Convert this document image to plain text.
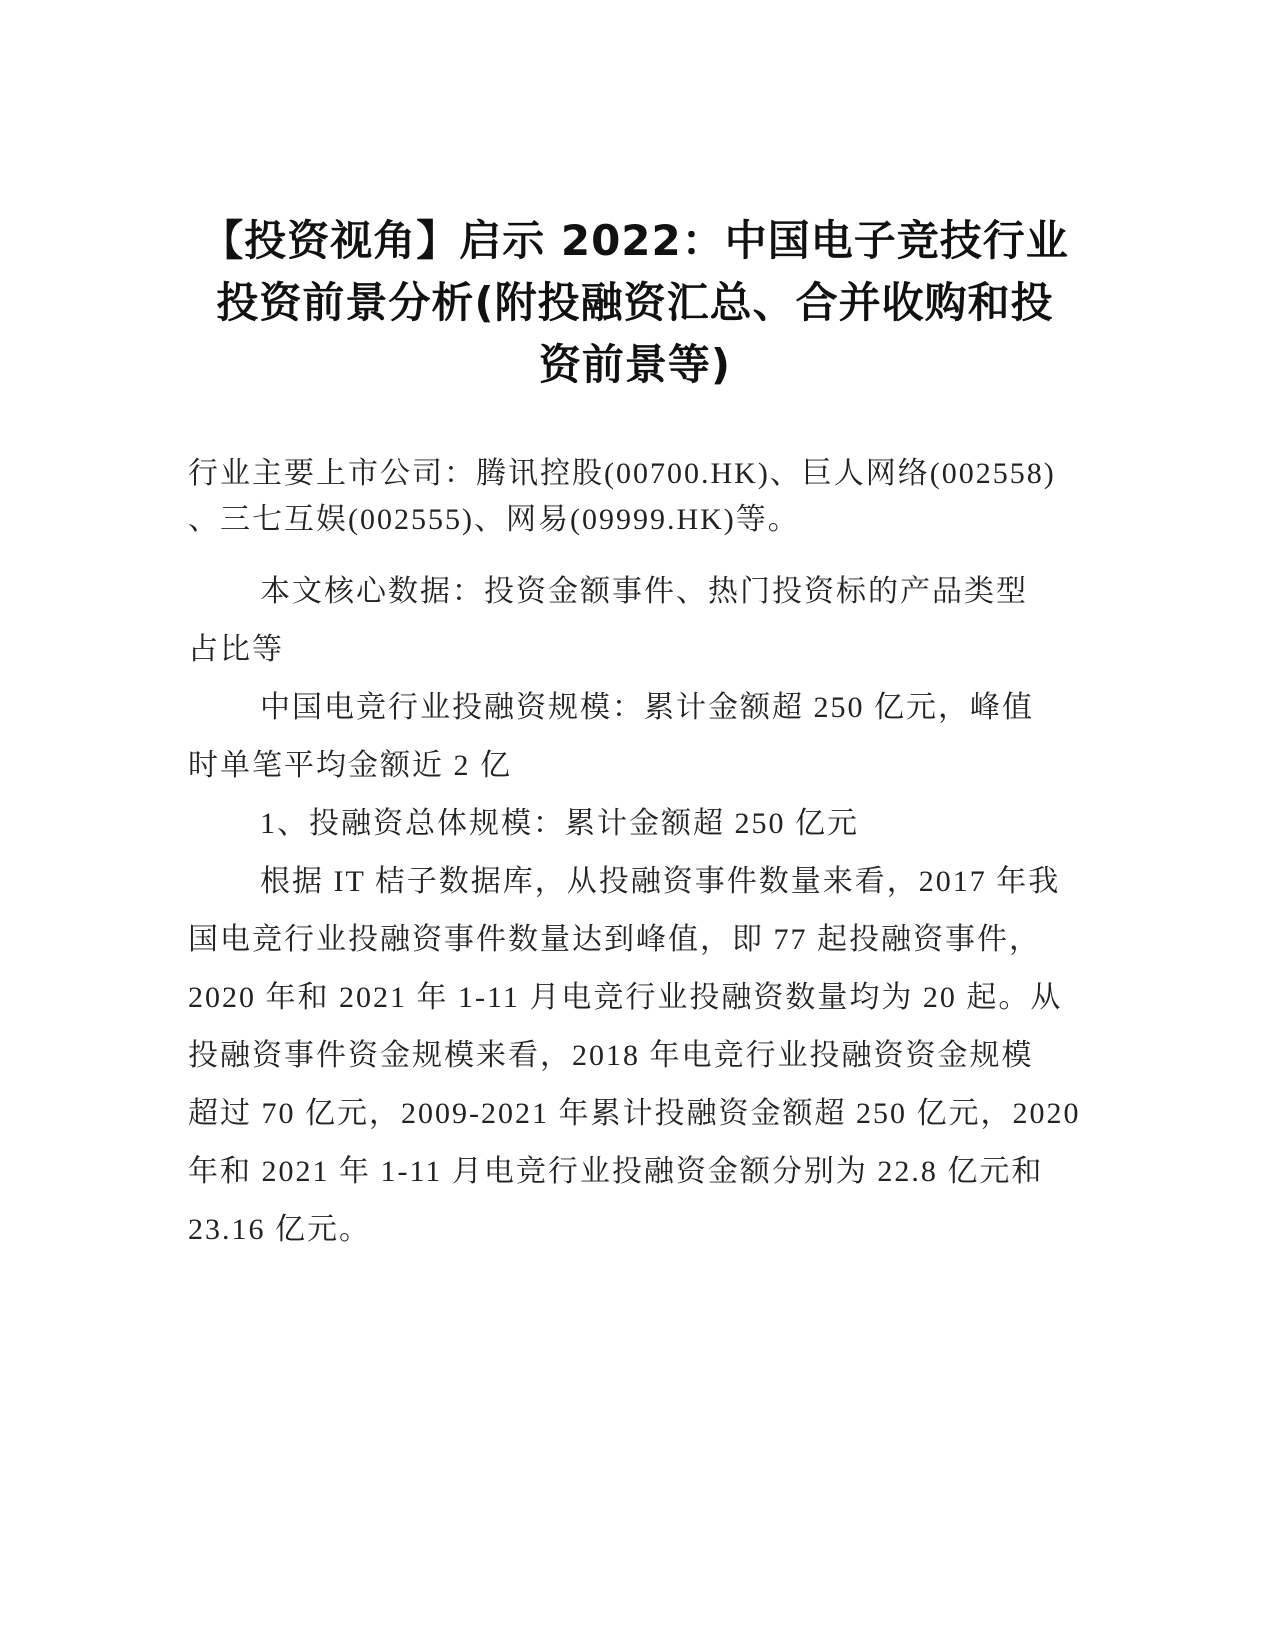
【投资视角】启示 2022：中国电子竞技行业
投资前景分析(附投融资汇总、合并收购和投
资前景等)
行业主要上市公司：腾讯控股(00700.HK)、巨人网络(002558)
、三七互娱(002555)、网易(09999.HK)等。
本文核心数据：投资金额事件、热门投资标的产品类型
占比等
中国电竞行业投融资规模：累计金额超 250 亿元，峰值
时单笔平均金额近 2 亿
1、投融资总体规模：累计金额超 250 亿元
根据 IT 桔子数据库，从投融资事件数量来看，2017 年我
国电竞行业投融资事件数量达到峰值，即 77 起投融资事件，
2020 年和 2021 年 1-11 月电竞行业投融资数量均为 20 起。从
投融资事件资金规模来看，2018 年电竞行业投融资资金规模
超过 70 亿元，2009-2021 年累计投融资金额超 250 亿元，2020
年和 2021 年 1-11 月电竞行业投融资金额分别为 22.8 亿元和
23.16 亿元。
